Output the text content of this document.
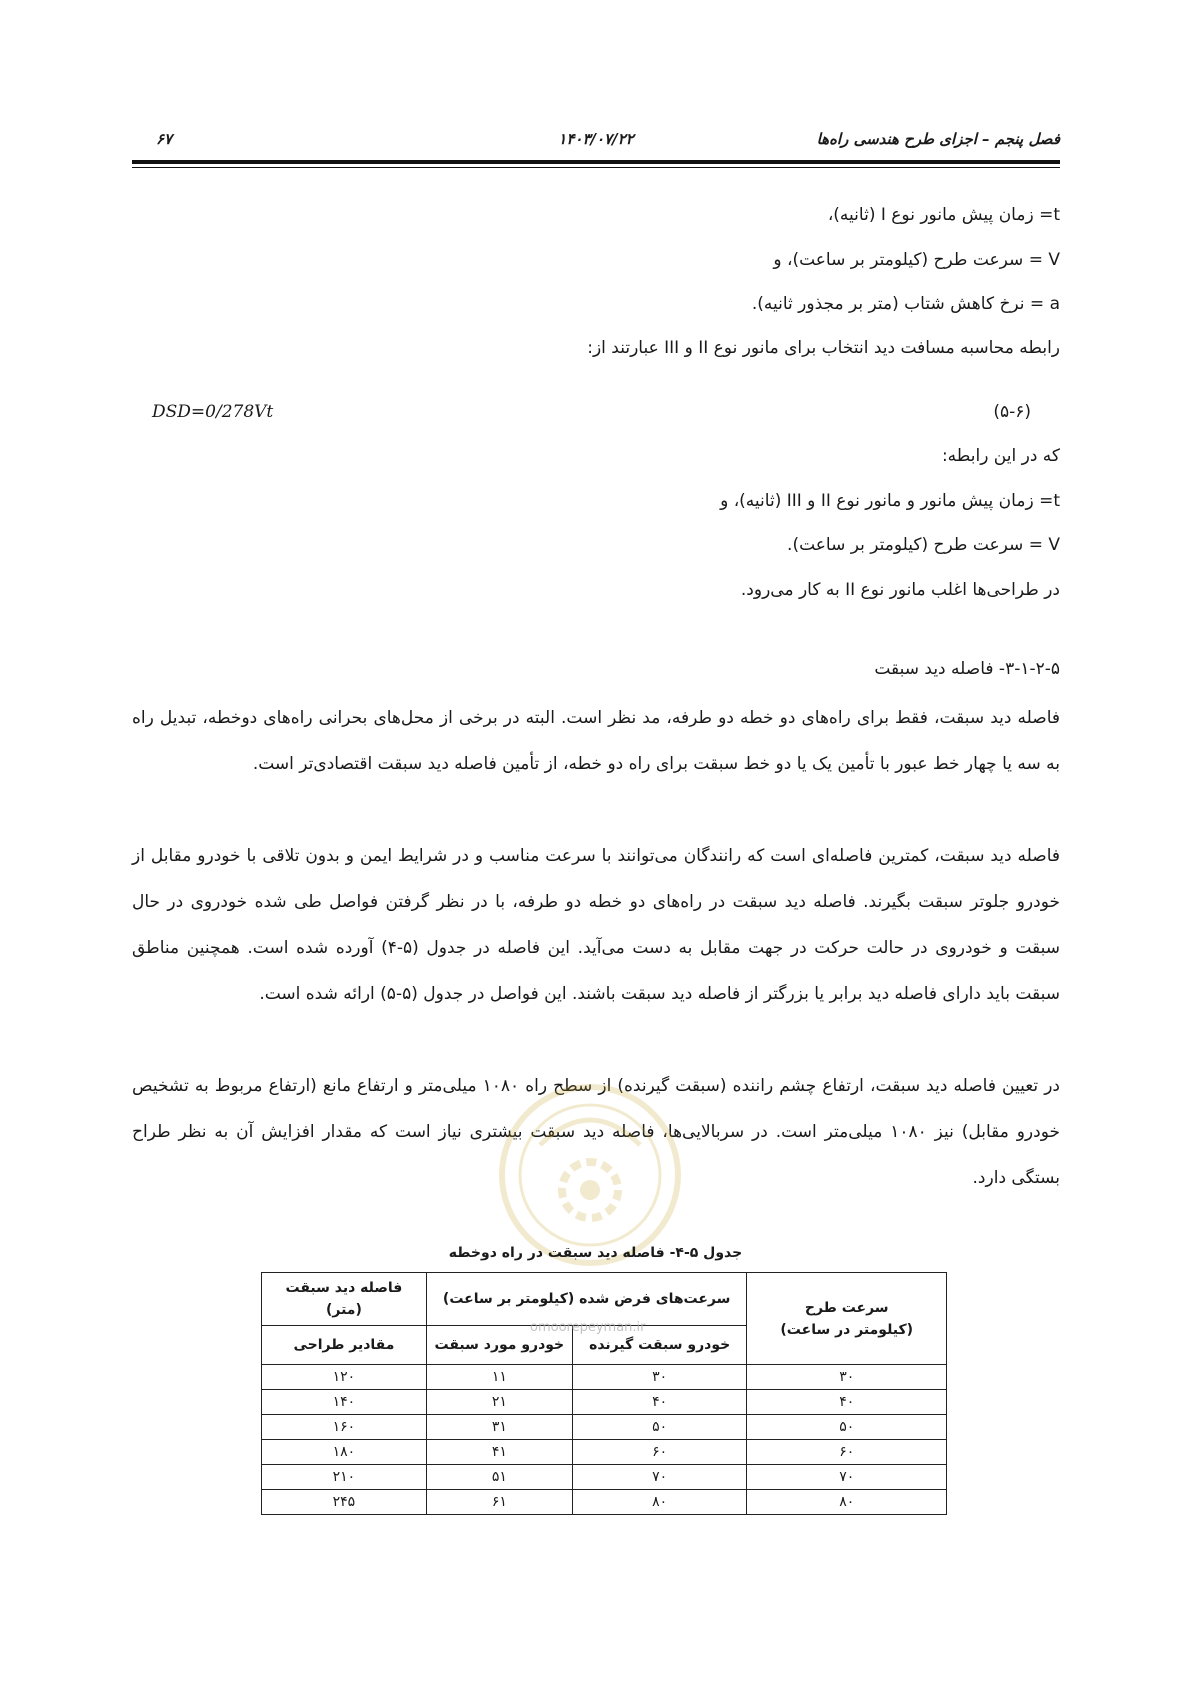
فصل پنجم – اجزای طرح هندسی راه‌ها
۱۴۰۳/۰۷/۲۲
۶۷
t= زمان پیش مانور نوع I (ثانیه)،
V = سرعت طرح (کیلومتر بر ساعت)، و
a = نرخ کاهش شتاب (متر بر مجذور ثانیه).
رابطه محاسبه مسافت دید انتخاب برای مانور نوع II و III عبارتند از:
DSD=0/278Vt	(۵-۶)
که در این رابطه:
t= زمان پیش مانور و مانور نوع II و III (ثانیه)، و
V = سرعت طرح (کیلومتر بر ساعت).
در طراحی‌ها اغلب مانور نوع II به کار می‌رود.
۳-۱-۲-۵- فاصله دید سبقت
فاصله دید سبقت، فقط برای راه‌های دو خطه دو طرفه، مد نظر است. البته در برخی از محل‌های بحرانی راه‌های دوخطه، تبدیل راه به سه یا چهار خط عبور با تأمین یک یا دو خط سبقت برای راه دو خطه، از تأمین فاصله دید سبقت اقتصادی‌تر است.
فاصله دید سبقت، کمترین فاصله‌ای است که رانندگان می‌توانند با سرعت مناسب و در شرایط ایمن و بدون تلاقی با خودرو مقابل از خودرو جلوتر سبقت بگیرند. فاصله دید سبقت در راه‌های دو خطه دو طرفه، با در نظر گرفتن فواصل طی شده خودروی در حال سبقت و خودروی در حالت حرکت در جهت مقابل به دست می‌آید. این فاصله در جدول (۵-۴) آورده شده است. همچنین مناطق سبقت باید دارای فاصله دید برابر یا بزرگتر از فاصله دید سبقت باشند. این فواصل در جدول (۵-۵) ارائه شده است.
در تعیین فاصله دید سبقت، ارتفاع چشم راننده (سبقت گیرنده) از سطح راه ۱۰۸۰ میلی‌متر و ارتفاع مانع (ارتفاع مربوط به تشخیص خودرو مقابل) نیز ۱۰۸۰ میلی‌متر است. در سربالایی‌ها، فاصله دید سبقت بیشتری نیاز است که مقدار افزایش آن به نظر طراح بستگی دارد.
جدول ۵-۴- فاصله دید سبقت در راه دوخطه
سرعت طرح
(کیلومتر در ساعت)	سرعت‌های فرض شده (کیلومتر بر ساعت)		فاصله دید سبقت
(متر)
	خودرو سبقت گیرنده	خودرو مورد سبقت	مقادیر طراحی
۳۰	۳۰	۱۱	۱۲۰
۴۰	۴۰	۲۱	۱۴۰
۵۰	۵۰	۳۱	۱۶۰
۶۰	۶۰	۴۱	۱۸۰
۷۰	۷۰	۵۱	۲۱۰
۸۰	۸۰	۶۱	۲۴۵
omoorepeyman.ir
